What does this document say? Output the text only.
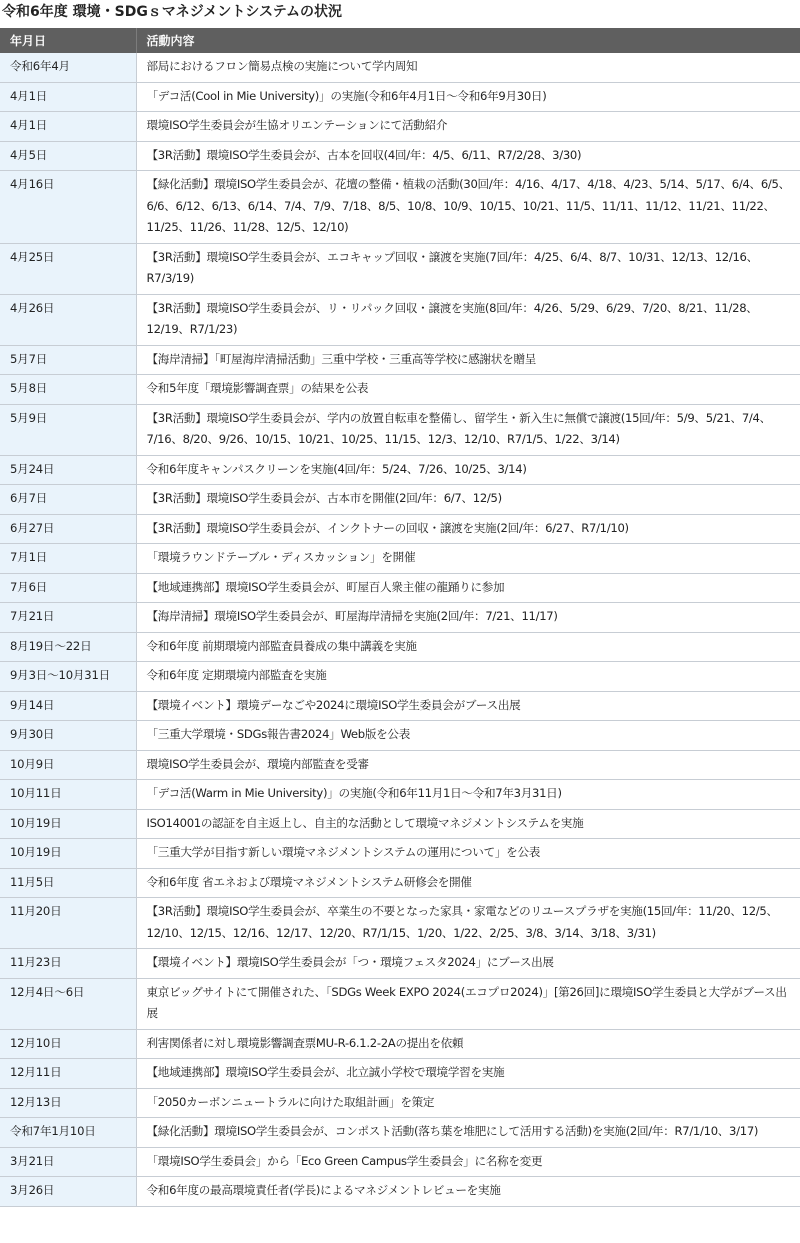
令和6年度 環境・SDGｓマネジメントシステムの状況
年月日	活動内容
令和6年4月	部局におけるフロン簡易点検の実施について学内周知
4月1日	「デコ活(Cool in Mie University)」の実施(令和6年4月1日～令和6年9月30日)
4月1日	環境ISO学生委員会が生協オリエンテーションにて活動紹介
4月5日	【3R活動】環境ISO学生委員会が、古本を回収(4回/年：4/5、6/11、R7/2/28、3/30)
4月16日	【緑化活動】環境ISO学生委員会が、花壇の整備・植栽の活動(30回/年：4/16、4/17、4/18、4/23、5/14、5/17、6/4、6/5、6/6、6/12、6/13、6/14、7/4、7/9、7/18、8/5、10/8、10/9、10/15、10/21、11/5、11/11、11/12、11/21、11/22、11/25、11/26、11/28、12/5、12/10)
4月25日	【3R活動】環境ISO学生委員会が、エコキャップ回収・譲渡を実施(7回/年：4/25、6/4、8/7、10/31、12/13、12/16、R7/3/19)
4月26日	【3R活動】環境ISO学生委員会が、リ・リパック回収・譲渡を実施(8回/年：4/26、5/29、6/29、7/20、8/21、11/28、12/19、R7/1/23)
5月7日	【海岸清掃】「町屋海岸清掃活動」三重中学校・三重高等学校に感謝状を贈呈
5月8日	令和5年度「環境影響調査票」の結果を公表
5月9日	【3R活動】環境ISO学生委員会が、学内の放置自転車を整備し、留学生・新入生に無償で譲渡(15回/年：5/9、5/21、7/4、7/16、8/20、9/26、10/15、10/21、10/25、11/15、12/3、12/10、R7/1/5、1/22、3/14)
5月24日	令和6年度キャンパスクリーンを実施(4回/年：5/24、7/26、10/25、3/14)
6月7日	【3R活動】環境ISO学生委員会が、古本市を開催(2回/年：6/7、12/5)
6月27日	【3R活動】環境ISO学生委員会が、インクトナーの回収・譲渡を実施(2回/年：6/27、R7/1/10)
7月1日	「環境ラウンドテーブル・ディスカッション」を開催
7月6日	【地域連携部】環境ISO学生委員会が、町屋百人衆主催の龍踊りに参加
7月21日	【海岸清掃】環境ISO学生委員会が、町屋海岸清掃を実施(2回/年：7/21、11/17)
8月19日～22日	令和6年度 前期環境内部監査員養成の集中講義を実施
9月3日～10月31日	令和6年度 定期環境内部監査を実施
9月14日	【環境イベント】環境デーなごや2024に環境ISO学生委員会がブース出展
9月30日	「三重大学環境・SDGs報告書2024」Web版を公表
10月9日	環境ISO学生委員会が、環境内部監査を受審
10月11日	「デコ活(Warm in Mie University)」の実施(令和6年11月1日～令和7年3月31日)
10月19日	ISO14001の認証を自主返上し、自主的な活動として環境マネジメントシステムを実施
10月19日	「三重大学が目指す新しい環境マネジメントシステムの運用について」を公表
11月5日	令和6年度 省エネおよび環境マネジメントシステム研修会を開催
11月20日	【3R活動】環境ISO学生委員会が、卒業生の不要となった家具・家電などのリユースプラザを実施(15回/年：11/20、12/5、12/10、12/15、12/16、12/17、12/20、R7/1/15、1/20、1/22、2/25、3/8、3/14、3/18、3/31)
11月23日	【環境イベント】環境ISO学生委員会が「つ・環境フェスタ2024」にブース出展
12月4日～6日	東京ビッグサイトにて開催された、「SDGs Week EXPO 2024(エコプロ2024)」[第26回]に環境ISO学生委員と大学がブース出展
12月10日	利害関係者に対し環境影響調査票MU-R-6.1.2-2Aの提出を依頼
12月11日	【地域連携部】環境ISO学生委員会が、北立誠小学校で環境学習を実施
12月13日	「2050カーボンニュートラルに向けた取組計画」を策定
令和7年1月10日	【緑化活動】環境ISO学生委員会が、コンポスト活動(落ち葉を堆肥にして活用する活動)を実施(2回/年：R7/1/10、3/17)
3月21日	「環境ISO学生委員会」から「Eco Green Campus学生委員会」に名称を変更
3月26日	令和6年度の最高環境責任者(学長)によるマネジメントレビューを実施
